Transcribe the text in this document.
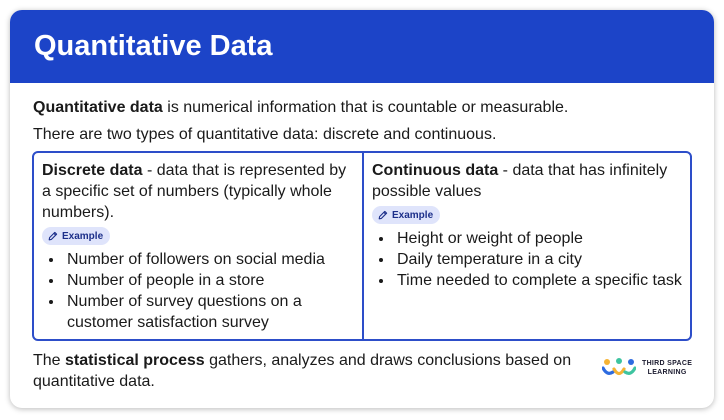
Quantitative Data

Quantitative data is numerical information that is countable or measurable.

There are two types of quantitative data: discrete and continuous.

Discrete data - data that is represented by a specific set of numbers (typically whole numbers).

Example
• Number of followers on social media
• Number of people in a store
• Number of survey questions on a customer satisfaction survey

Continuous data - data that has infinitely possible values

Example
• Height or weight of people
• Daily temperature in a city
• Time needed to complete a specific task

The statistical process gathers, analyzes and draws conclusions based on quantitative data.

THIRD SPACE
LEARNING
